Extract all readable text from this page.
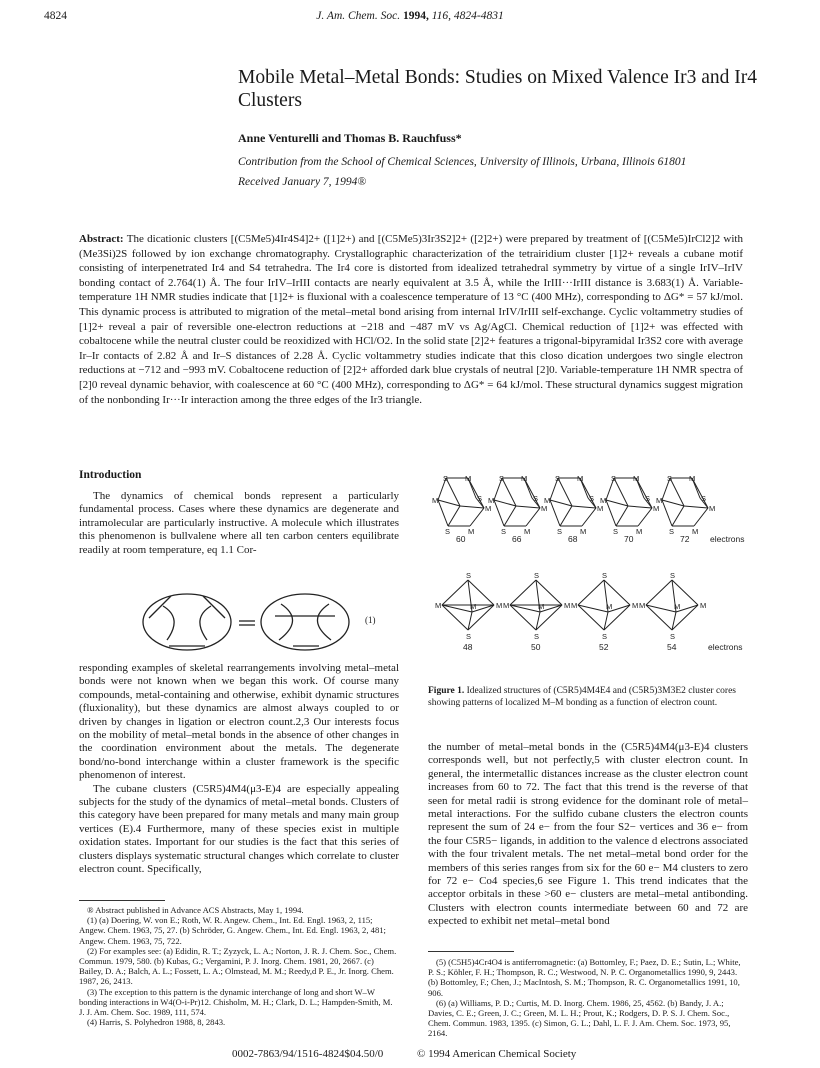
4824	J. Am. Chem. Soc. 1994, 116, 4824-4831
Mobile Metal–Metal Bonds: Studies on Mixed Valence Ir3 and Ir4 Clusters
Anne Venturelli and Thomas B. Rauchfuss*
Contribution from the School of Chemical Sciences, University of Illinois, Urbana, Illinois 61801
Received January 7, 1994®
Abstract: The dicationic clusters [(C5Me5)4Ir4S4]2+ ([1]2+) and [(C5Me5)3Ir3S2]2+ ([2]2+) were prepared by treatment of [(C5Me5)IrCl2]2 with (Me3Si)2S followed by ion exchange chromatography. Crystallographic characterization of the tetrairidium cluster [1]2+ reveals a cubane motif consisting of interpenetrated Ir4 and S4 tetrahedra. The Ir4 core is distorted from idealized tetrahedral symmetry by virtue of a single IrIV–IrIV bonding contact of 2.764(1) Å. The four IrIV–IrIII contacts are nearly equivalent at 3.5 Å, while the IrIII···IrIII distance is 3.683(1) Å. Variable-temperature 1H NMR studies indicate that [1]2+ is fluxional with a coalescence temperature of 13 °C (400 MHz), corresponding to ΔG* = 57 kJ/mol. This dynamic process is attributed to migration of the metal–metal bond arising from internal IrIV/IrIII self-exchange. Cyclic voltammetry studies of [1]2+ reveal a pair of reversible one-electron reductions at −218 and −487 mV vs Ag/AgCl. Chemical reduction of [1]2+ was effected with cobaltocene while the neutral cluster could be reoxidized with HCl/O2. In the solid state [2]2+ features a trigonal-bipyramidal Ir3S2 core with average Ir–Ir contacts of 2.82 Å and Ir–S distances of 2.28 Å. Cyclic voltammetry studies indicate that this closo dication undergoes two single electron reductions at −712 and −993 mV. Cobaltocene reduction of [2]2+ afforded dark blue crystals of neutral [2]0. Variable-temperature 1H NMR spectra of [2]0 reveal dynamic behavior, with coalescence at 60 °C (400 MHz), corresponding to ΔG* = 64 kJ/mol. These structural dynamics suggest migration of the nonbonding Ir···Ir interaction among the three edges of the Ir3 triangle.
Introduction

The dynamics of chemical bonds represent a particularly fundamental process. Cases where these dynamics are degenerate and intramolecular are particularly instructive. A molecule which illustrates this phenomenon is bullvalene where all ten carbon centers equilibrate readily at room temperature, eq 1.1 Cor-

(1)

responding examples of skeletal rearrangements involving metal–metal bonds were not known when we began this work. Of course many compounds, metal-containing and otherwise, exhibit dynamic structures (fluxionality), but these dynamics are almost always coupled to or driven by changes in ligation or electron count.2,3 Our interests focus on the mobility of metal–metal bonds in the absence of other changes in the coordination environment about the metals. The degenerate bond/no-bond interchange within a cluster framework is the specific phenomenon of interest.

The cubane clusters (C5R5)4M4(μ3-E)4 are especially appealing subjects for the study of the dynamics of metal–metal bonds. Clusters of this category have been prepared for many metals and many main group vertices (E).4 Furthermore, many of these species exist in multiple oxidation states. Important for our studies is the fact that this series of clusters displays systematic structural changes which correlate to cluster electron count. Specifically,

® Abstract published in Advance ACS Abstracts, May 1, 1994.

(1) (a) Doering, W. von E.; Roth, W. R. Angew. Chem., Int. Ed. Engl. 1963, 2, 115; Angew. Chem. 1963, 75, 27. (b) Schröder, G. Angew. Chem., Int. Ed. Engl. 1963, 2, 481; Angew. Chem. 1963, 75, 722.

(2) For examples see: (a) Edidin, R. T.; Zyzyck, L. A.; Norton, J. R. J. Chem. Soc., Chem. Commun. 1979, 580. (b) Kubas, G.; Vergamini, P. J. Inorg. Chem. 1981, 20, 2667. (c) Bailey, D. A.; Balch, A. L.; Fossett, L. A.; Olmstead, M. M.; Reedy,d P. E., Jr. Inorg. Chem. 1987, 26, 2413.

(3) The exception to this pattern is the dynamic interchange of long and short W–W bonding interactions in W4(O-i-Pr)12. Chisholm, M. H.; Clark, D. L.; Hampden-Smith, M. J. J. Am. Chem. Soc. 1989, 111, 574.

(4) Harris, S. Polyhedron 1988, 8, 2843.

S M
M	S
M
S M
60
S M
M	S
M
S M
66
S M
M	S
M
S M
68
S M
M	S
M
S M
70
S M
M	S
M
S M
72 electrons
S
S
M	M
M
48
S
S
M	M
M
50
S
S
M	M
M
52
S
S
M	M
M
54	electrons
Figure 1. Idealized structures of (C5R5)4M4E4 and (C5R5)3M3E2 cluster cores showing patterns of localized M–M bonding as a function of electron count.

the number of metal–metal bonds in the (C5R5)4M4(μ3-E)4 clusters corresponds well, but not perfectly,5 with cluster electron count. In general, the intermetallic distances increase as the cluster electron count increases from 60 to 72. The fact that this trend is the reverse of that seen for metal radii is strong evidence for the dominant role of metal–metal interactions. For the sulfido cubane clusters the electron counts represent the sum of 24 e− from the four S2− vertices and 36 e− from the four C5R5− ligands, in addition to the valence d electrons associated with the four trivalent metals. The net metal–metal bond order for the members of this series ranges from six for the 60 e− M4 clusters to zero for 72 e− Co4 species,6 see Figure 1. This trend indicates that the acceptor orbitals in these >60 e− clusters are metal–metal antibonding. Clusters with electron counts intermediate between 60 and 72 are expected to exhibit net metal–metal bond

(5) (C5H5)4Cr4O4 is antiferromagnetic: (a) Bottomley, F.; Paez, D. E.; Sutin, L.; White, P. S.; Köhler, F. H.; Thompson, R. C.; Westwood, N. P. C. Organometallics 1990, 9, 2443. (b) Bottomley, F.; Chen, J.; MacIntosh, S. M.; Thompson, R. C. Organometallics 1991, 10, 906.

(6) (a) Williams, P. D.; Curtis, M. D. Inorg. Chem. 1986, 25, 4562. (b) Bandy, J. A.; Davies, C. E.; Green, J. C.; Green, M. L. H.; Prout, K.; Rodgers, D. P. S. J. Chem. Soc., Chem. Commun. 1983, 1395. (c) Simon, G. L.; Dahl, L. F. J. Am. Chem. Soc. 1973, 95, 2164.

0002-7863/94/1516-4824$04.50/0	© 1994 American Chemical Society
